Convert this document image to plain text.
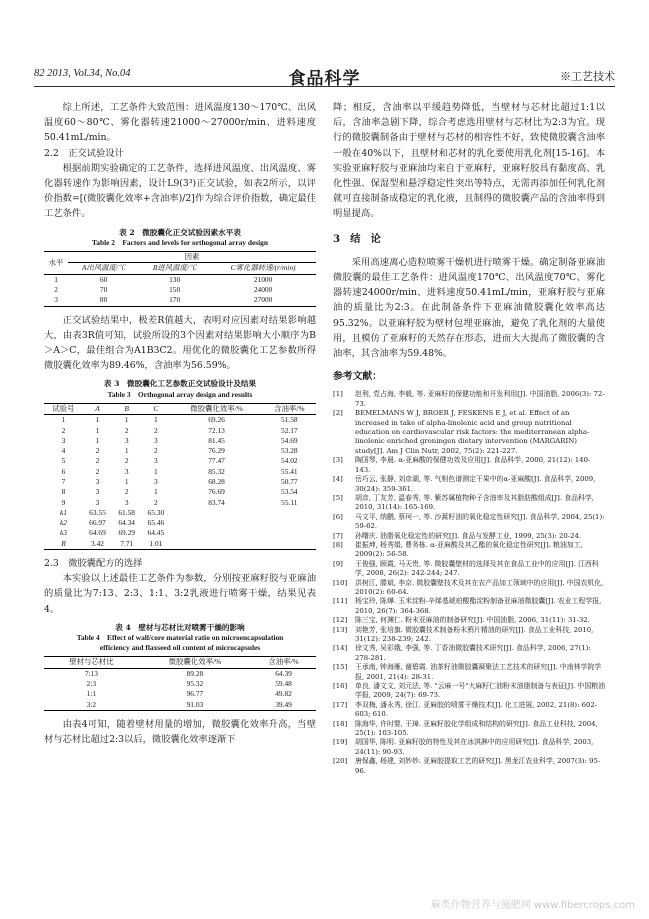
82 2013, Vol.34, No.04	食品科学	※工艺技术

综上所述，工艺条件大致范围：进风温度130～170℃、出风温度60～80℃、雾化器转速21000～27000r/min、进料速度50.41mL/min。

2.2　正交试验设计

根据前期实验确定的工艺条件，选择进风温度、出风温度、雾化器转速作为影响因素，设计L9(3³)正交试验，如表2所示，以评价指数=[(微胶囊化效率+含油率)/2]作为综合评价指数，确定最佳工艺条件。

表 2　微胶囊化正交试验因素水平表
Table 2　Factors and levels for orthogonal array design
水平	因素		
	A出风温度/℃	B进风温度/℃	C雾化器转速/(r/min)
1	60	130	21000
2	70	150	24000
3	80	170	27000

正交试验结果中，极差R值越大，表明对应因素对结果影响越大，由表3R值可知，试验所设的3个因素对结果影响大小顺序为B＞A＞C，最佳组合为A1B3C2。用优化的微胶囊化工艺参数所得微胶囊化效率为89.46%，含油率为56.59%。

表 3　微胶囊化工艺参数正交试验设计及结果
Table 3　Orthogonal array design and results
试验号	A	B	C	微胶囊化效率/%	含油率/%
1	1	1	1	69.26	51.58
2	1	2	2	72.13	52.17
3	1	3	3	81.45	54.69
4	2	1	2	76.29	53.28
5	2	2	3	77.47	54.02
6	2	3	1	85.32	55.41
7	3	1	3	68.28	50.77
8	3	2	1	76.69	53.54
9	3	3	2	83.74	55.11
k1	63.55	61.58	65.30		
k2	66.97	64.34	65.46		
k3	64.69	69.29	64.45		
R	3.42	7.71	1.01		
2.3　微胶囊配方的选择

本实验以上述最佳工艺条件为参数，分别按亚麻籽胶与亚麻油的质量比为7:13、2:3、1:1、3:2乳液进行喷雾干燥，结果见表4。

表 4　壁材与芯材比对喷雾干燥的影响
Table 4　Effect of wall/core material ratio on microencapsulation
efficiency and flaxseed oil content of microcapsules
壁材与芯材比	微胶囊化效率/%	含油率/%
7:13	89.28	64.39
2:3	95.32	59.48
1:1	96.77	49.82
3:2	91.03	39.49

由表4可知，随着壁材用量的增加，微胶囊化效率升高，当壁材与芯材比超过2:3以后，微胶囊化效率逐渐下

降；相反，含油率以平缓趋势降低，当壁材与芯材比超过1:1以后，含油率急剧下降，综合考虑选用壁材与芯材比为2:3为宜。现行的微胶囊制备由于壁材与芯材的相容性不好，致使微胶囊含油率一般在40%以下，且壁材和芯材的乳化要使用乳化剂[15-16]。本实验亚麻籽胶与亚麻油均来自于亚麻籽，亚麻籽胶具有黏度高、乳化性强、保湿型和悬浮稳定性突出等特点，无需再添加任何乳化剂就可直接制备成稳定的乳化液，且制得的微胶囊产品的含油率得到明显提高。

3　结　论

采用高速离心造粒喷雾干燥机进行喷雾干燥。确定制备亚麻油微胶囊的最佳工艺条件：进风温度170℃、出风温度70℃、雾化器转速24000r/min、进料速度50.41mL/min，亚麻籽胶与亚麻油的质量比为2:3。在此制备条件下亚麻油微胶囊化效率高达95.32%。以亚麻籽胶为壁材包埋亚麻油，避免了乳化剂的大量使用，且模仿了亚麻籽的天然存在形态，进而大大提高了微胶囊的含油率，其含油率为59.48%。

参考文献：
[1]	赵利, 党占海, 李毅, 等. 亚麻籽的保健功能和开发利用[J]. 中国油脂, 2006(3): 72-73.
[2]	BEMELMANS W J, BROER J, FESKENS E J, et al. Effect of an increased in take of alpha-linolenic acid and group nutritional education on cardiovascular risk factors: the mediterranean alpha-linolenic enriched groningen dietary intervention (MARGARIN) study[J]. Am J Clin Nutr, 2002, 75(2): 221-227.
[3]	陶国琴, 李晨. α-亚麻酸的保健功效及应用[J]. 食品科学, 2000, 21(12): 140-143.
[4]	岳巧云, 张静, 刘彦湖, 等. 气相色谱测定干果中的α-亚麻酸[J]. 食品科学, 2009, 30(24): 359-361.
[5]	胡彦, 丁友芳, 温春秀, 等. 紫苏属植物种子含油率及其脂肪酸组成[J]. 食品科学, 2010, 31(14): 165-169.
[6]	马文平, 纳鹏, 蔡珂一, 等. 沙蒿籽油的氧化稳定性研究[J]. 食品科学, 2004, 25(1): 59-62.
[7]	孙曙庆. 油脂氧化稳定性的研究[J]. 食品与发酵工业, 1999, 25(3): 20-24.
[8]	崔振坤, 杨秀娟, 曹务栋. α-亚麻酸及其乙酯的氧化稳定性研究[J]. 粮油加工, 2009(2): 56-58.
[9]	王俊强, 顾霞, 马天贵, 等. 微胶囊壁材的选择及其在食品工业中的应用[J]. 江西科学, 2008, 26(2): 242-244; 247.
[10]	洪树江, 滕斌, 李京. 微胶囊壁技术及其在农产品加工领域中的应用[J]. 中国农机化, 2010(2): 60-64.
[11]	杨宝玲, 陈燁. 玉米淀粉-辛烯基琥珀酸酯淀粉制备亚麻油微胶囊[J]. 农业工程学报, 2010, 26(7): 364-368.
[12]	陈三宝, 何渊仁. 粉末亚麻油的制备研究[J]. 中国油脂, 2006, 31(11): 31-32.
[13]	刘艳芳, 张培旗. 微胶囊技术制备粉末鸦片精油的研究[J]. 食品工业科技, 2010, 31(12): 238-239; 242.
[14]	徐文秀, 吴彩娥, 李强, 等. 丁香油微胶囊技术研究[J]. 食品科学, 2006, 27(1): 278-281.
[15]	王承南, 钟海雁, 谢碧霞. 油茶籽油微胶囊凝聚法工艺技术的研究[J]. 中南林学院学报, 2001, 21(4): 28-31.
[16]	单良, 潘文文, 刘元法, 等. "云麻一号"大麻籽仁油粉末油脂制备与表征[J]. 中国粮油学报, 2009, 24(7): 69-73.
[17]	李双梅, 潘永秀, 徐江. 亚麻胶的喷雾干燥技术[J]. 化工进展, 2002, 21(8): 602-603; 610.
[18]	陈海华, 许时婴, 王璋. 亚麻籽胶化学组成和结构的研究[J]. 食品工业科技, 2004, 25(1): 103-105.
[19]	胡国华, 陈明. 亚麻籽胶的特性及其在冰淇淋中的应用研究[J]. 食品科学, 2003, 24(11): 90-93.
[20]	唐保鑫, 杨建, 刘妙妙. 亚麻胶提取工艺的研究[J]. 黑龙江农业科学, 2007(3): 95-96.
麻类作物营养与施肥网 www.fibercrops.com
